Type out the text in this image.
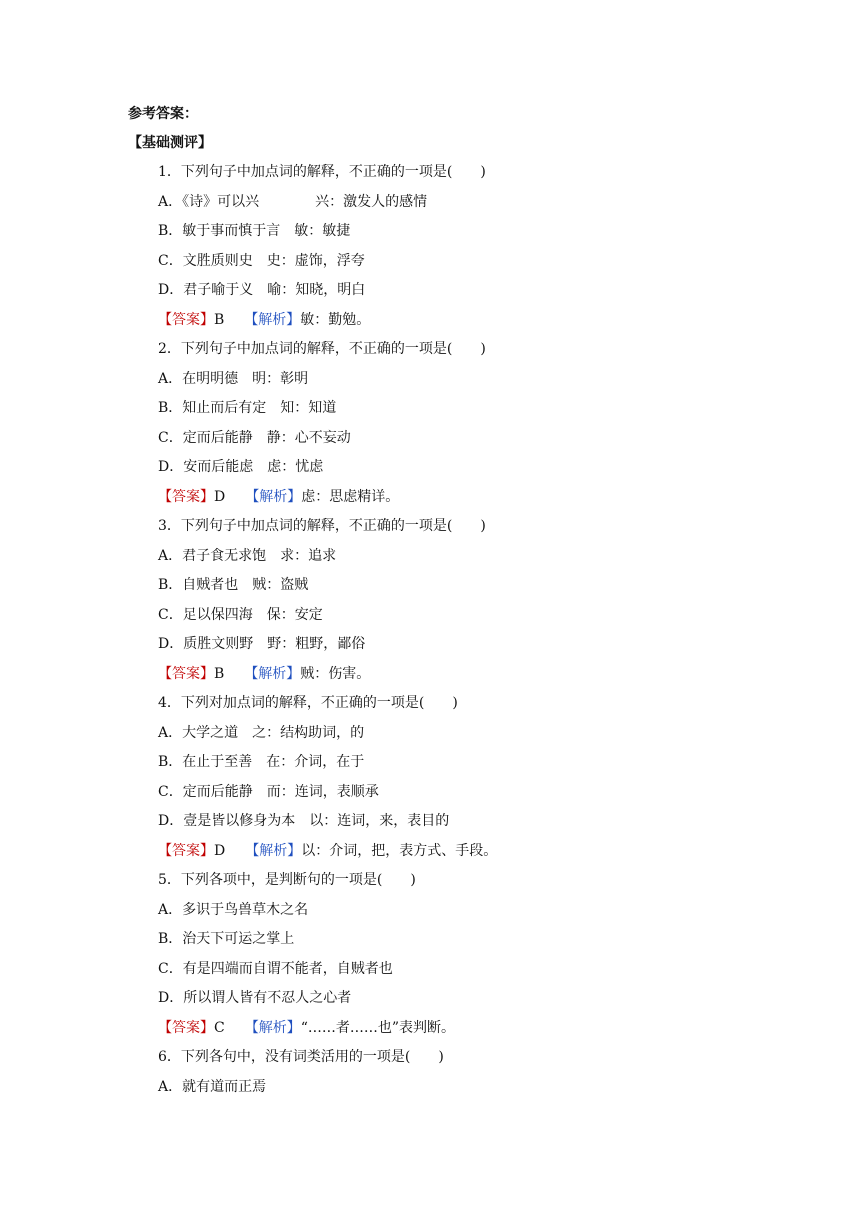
参考答案：
【基础测评】
1．下列句子中加点词的解释，不正确的一项是(　　)
A．《诗》可以兴　　　　兴：激发人的感情
B．敏于事而慎于言　敏：敏捷
C．文胜质则史　史：虚饰，浮夸
D．君子喻于义　喻：知晓，明白
【答案】B 【解析】敏：勤勉。
2．下列句子中加点词的解释，不正确的一项是(　　)
A．在明明德　明：彰明
B．知止而后有定　知：知道
C．定而后能静　静：心不妄动
D．安而后能虑　虑：忧虑
【答案】D 【解析】虑：思虑精详。
3．下列句子中加点词的解释，不正确的一项是(　　)
A．君子食无求饱　求：追求
B．自贼者也　贼：盗贼
C．足以保四海　保：安定
D．质胜文则野　野：粗野，鄙俗
【答案】B 【解析】贼：伤害。
4．下列对加点词的解释，不正确的一项是(　　)
A．大学之道　之：结构助词，的
B．在止于至善　在：介词，在于
C．定而后能静　而：连词，表顺承
D．壹是皆以修身为本　以：连词，来，表目的
【答案】D 【解析】以：介词，把，表方式、手段。
5．下列各项中，是判断句的一项是(　　)
A．多识于鸟兽草木之名
B．治天下可运之掌上
C．有是四端而自谓不能者，自贼者也
D．所以谓人皆有不忍人之心者
【答案】C 【解析】“……者……也”表判断。
6．下列各句中，没有词类活用的一项是(　　)
A．就有道而正焉
